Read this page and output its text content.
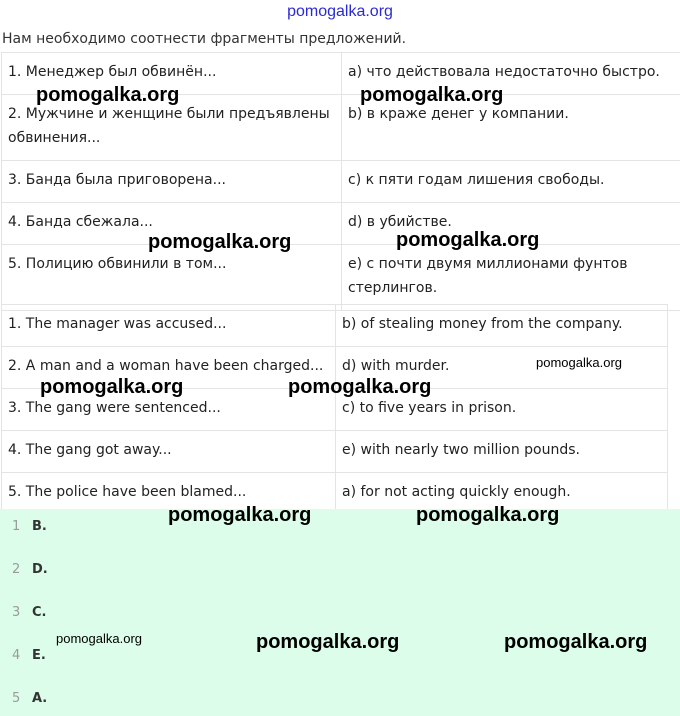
pomogalka.org
Нам необходимо соотнести фрагменты предложений.
1. Менеджер был обвинён...	a) что действовала недостаточно быстро.
2. Мужчине и женщине были предъявлены обвинения...	b) в краже денег у компании.
3. Банда была приговорена...	c) к пяти годам лишения свободы.
4. Банда сбежала...	d) в убийстве.
5. Полицию обвинили в том...	e) с почти двумя миллионами фунтов стерлингов.
1. The manager was accused...	b) of stealing money from the company.
2. A man and a woman have been charged...	d) with murder.
3. The gang were sentenced...	c) to five years in prison.
4. The gang got away...	e) with nearly two million pounds.
5. The police have been blamed...	a) for not acting quickly enough.
1 B.
2 D.
3 C.
4 E.
5 A.
pomogalka.org	pomogalka.org
pomogalka.org	pomogalka.org
pomogalka.org
pomogalka.org	pomogalka.org
pomogalka.org	pomogalka.org
pomogalka.org	pomogalka.org	pomogalka.org
